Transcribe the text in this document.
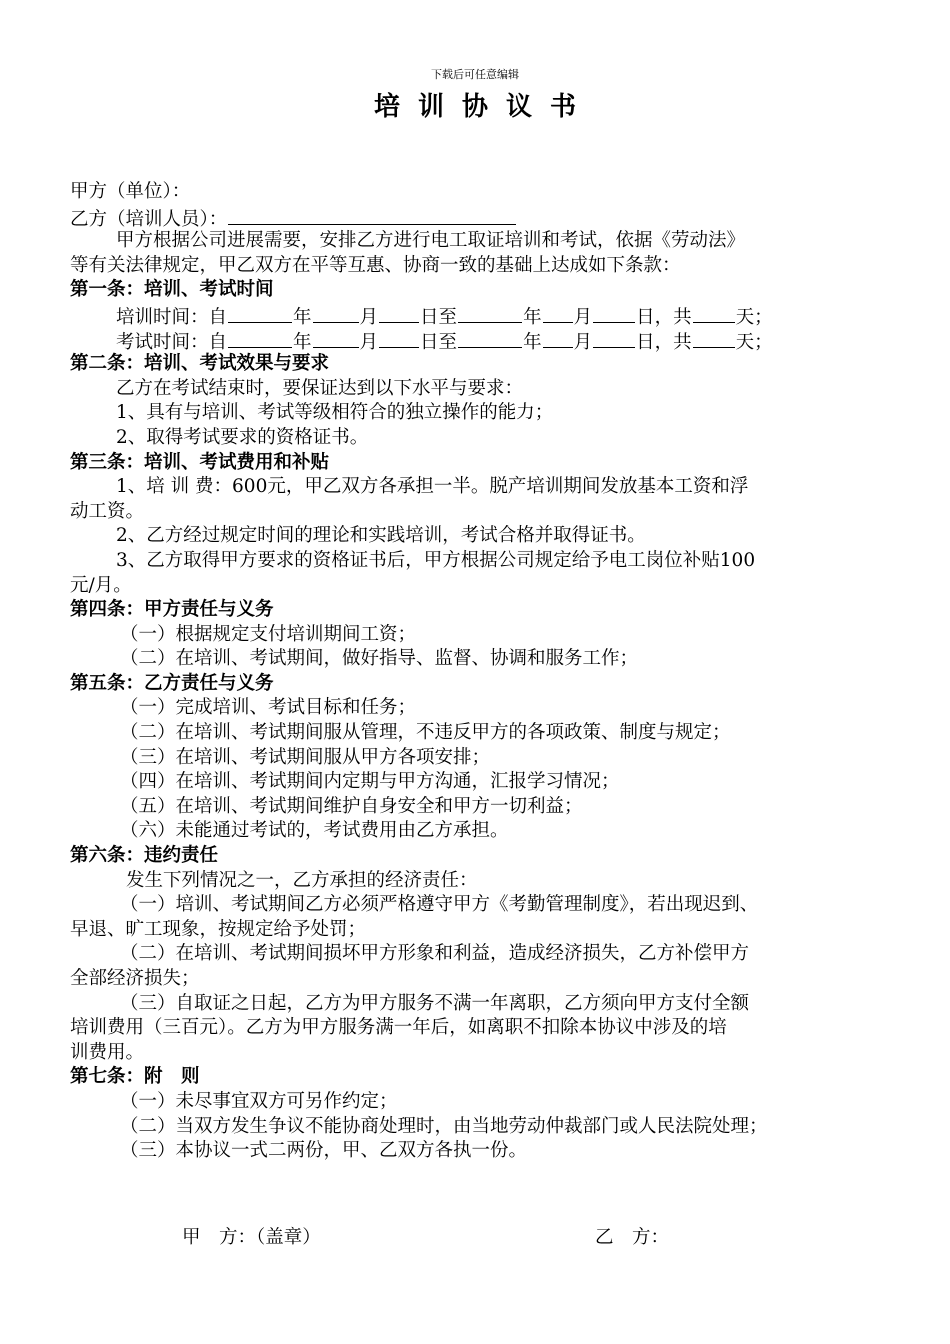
下载后可任意编辑
培训协议书
甲方（单位）：
乙方（培训人员）：
甲方根据公司进展需要，安排乙方进行电工取证培训和考试，依据《劳动法》
等有关法律规定，甲乙双方在平等互惠、协商一致的基础上达成如下条款：
第一条：培训、考试时间
培训时间：自	年	月 日至	年 月 日，共 天；
考试时间：自	年	月 日至	年 月 日，共 天；
第二条：培训、考试效果与要求
乙方在考试结束时，要保证达到以下水平与要求：
1、具有与培训、考试等级相符合的独立操作的能力；
2、取得考试要求的资格证书。
第三条：培训、考试费用和补贴
1、培 训 费：600元，甲乙双方各承担一半。脱产培训期间发放基本工资和浮
动工资。
2、乙方经过规定时间的理论和实践培训，考试合格并取得证书。
3、乙方取得甲方要求的资格证书后，甲方根据公司规定给予电工岗位补贴100
元/月。
第四条：甲方责任与义务
（一）根据规定支付培训期间工资；
（二）在培训、考试期间，做好指导、监督、协调和服务工作；
第五条：乙方责任与义务
（一）完成培训、考试目标和任务；
（二）在培训、考试期间服从管理，不违反甲方的各项政策、制度与规定；
（三）在培训、考试期间服从甲方各项安排；
（四）在培训、考试期间内定期与甲方沟通，汇报学习情况；
（五）在培训、考试期间维护自身安全和甲方一切利益；
（六）未能通过考试的，考试费用由乙方承担。
第六条：违约责任
发生下列情况之一，乙方承担的经济责任：
（一）培训、考试期间乙方必须严格遵守甲方《考勤管理制度》，若出现迟到、
早退、旷工现象，按规定给予处罚；
（二）在培训、考试期间损坏甲方形象和利益，造成经济损失，乙方补偿甲方
全部经济损失；
（三）自取证之日起，乙方为甲方服务不满一年离职，乙方须向甲方支付全额
培训费用（三百元）。乙方为甲方服务满一年后，如离职不扣除本协议中涉及的培
训费用。
第七条：附　则
（一）未尽事宜双方可另作约定；
（二）当双方发生争议不能协商处理时，由当地劳动仲裁部门或人民法院处理；
（三）本协议一式二两份，甲、乙双方各执一份。
甲　方：（盖章）	乙　方：
